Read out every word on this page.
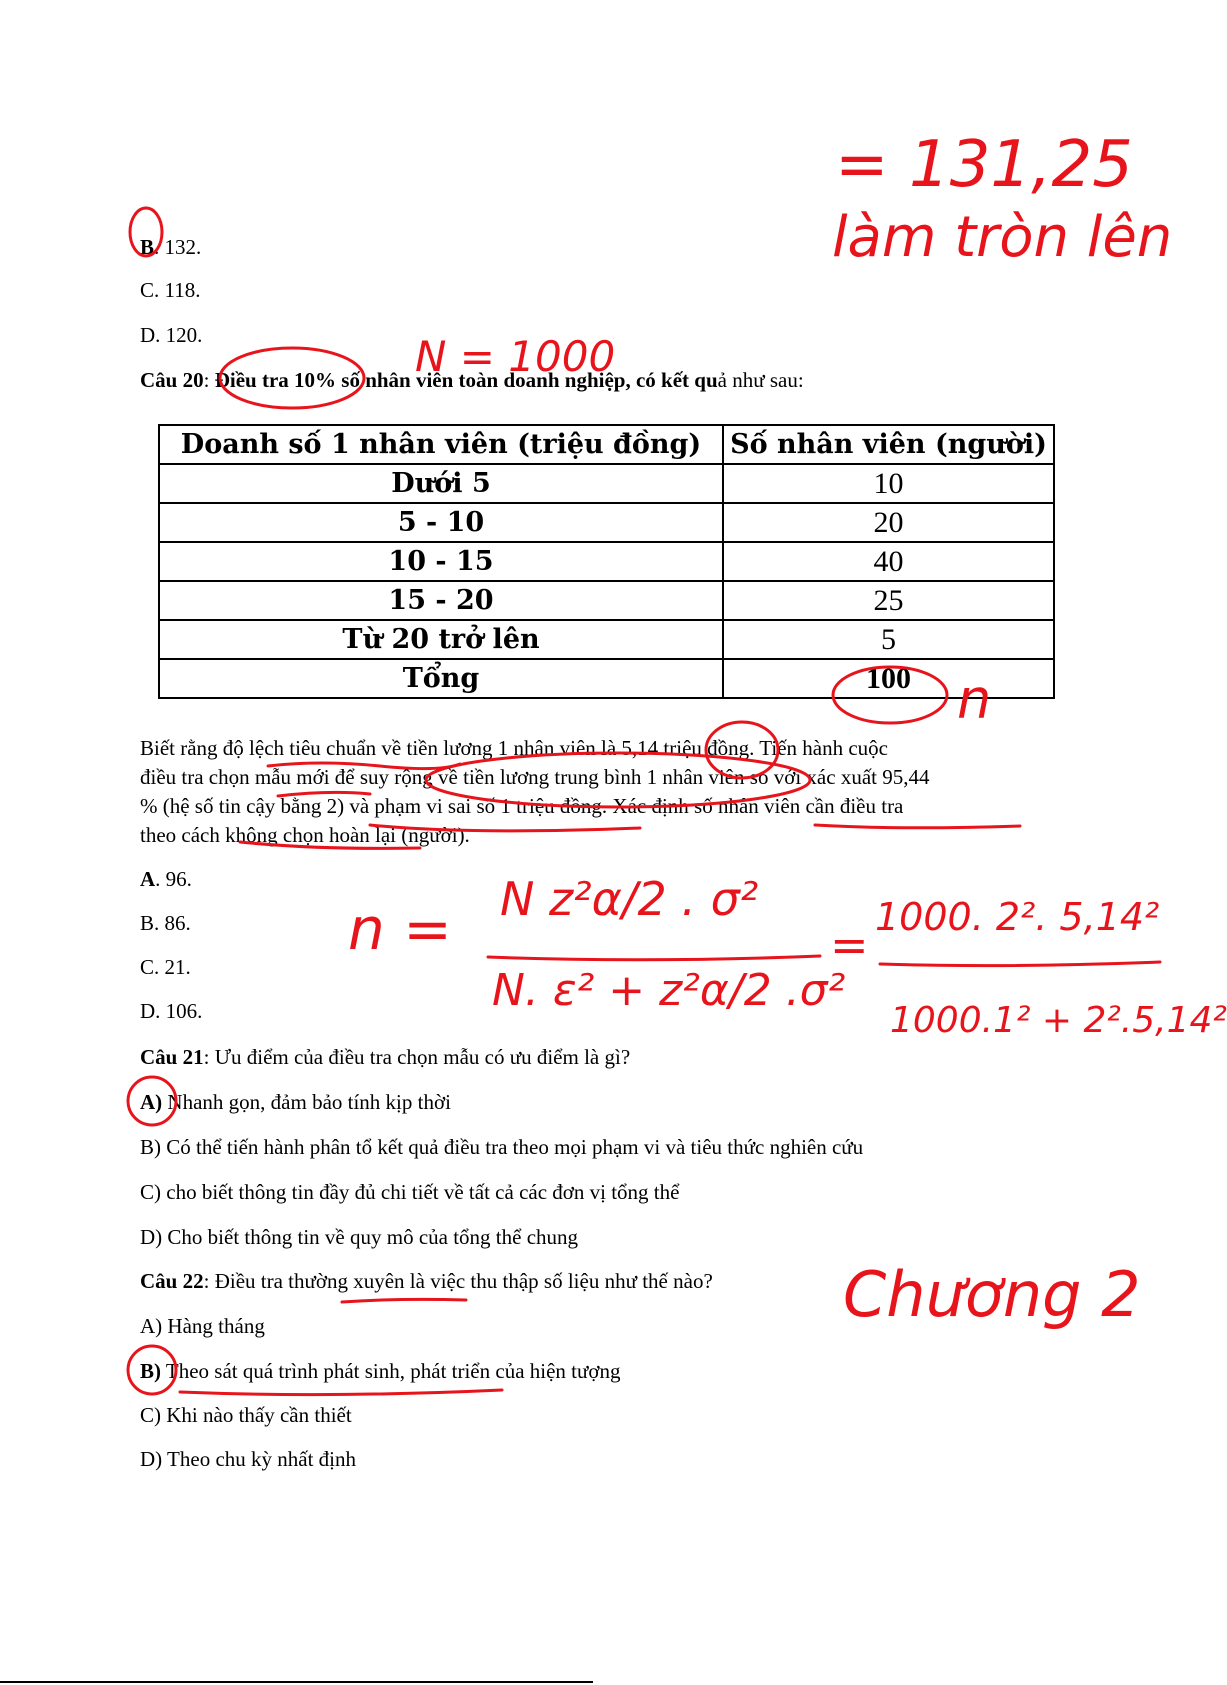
B. 132.
C. 118.
D. 120.
Câu 20: Điều tra 10% số nhân viên toàn doanh nghiệp, có kết quả như sau:
Doanh số 1 nhân viên (triệu đồng)	Số nhân viên (người)
Dưới 5	10
5 - 10	20
10 - 15	40
15 - 20	25
Từ 20 trở lên	5
Tổng	100
Biết rằng độ lệch tiêu chuẩn về tiền lương 1 nhân viên là 5,14 triệu đồng. Tiến hành cuộc
điều tra chọn mẫu mới để suy rộng về tiền lương trung bình 1 nhân viên so với xác xuất 95,44
% (hệ số tin cậy bằng 2) và phạm vi sai số 1 triệu đồng. Xác định số nhân viên cần điều tra
theo cách không chọn hoàn lại (người).
A. 96.
B. 86.
C. 21.
D. 106.
Câu 21: Ưu điểm của điều tra chọn mẫu có ưu điểm là gì?
A) Nhanh gọn, đảm bảo tính kịp thời
B) Có thể tiến hành phân tổ kết quả điều tra theo mọi phạm vi và tiêu thức nghiên cứu
C) cho biết thông tin đầy đủ chi tiết về tất cả các đơn vị tổng thể
D) Cho biết thông tin về quy mô của tổng thể chung
Câu 22: Điều tra thường xuyên là việc thu thập số liệu như thế nào?
A) Hàng tháng
B) Theo sát quá trình phát sinh, phát triển của hiện tượng
C) Khi nào thấy cần thiết
D) Theo chu kỳ nhất định
= 131,25
làm tròn lên
N = 1000
n
n = N z²α/2 . σ²
N. ε² + z²α/2 .σ²
=
1000. 2². 5,14²
1000.1² + 2².5,14²
Chương 2
